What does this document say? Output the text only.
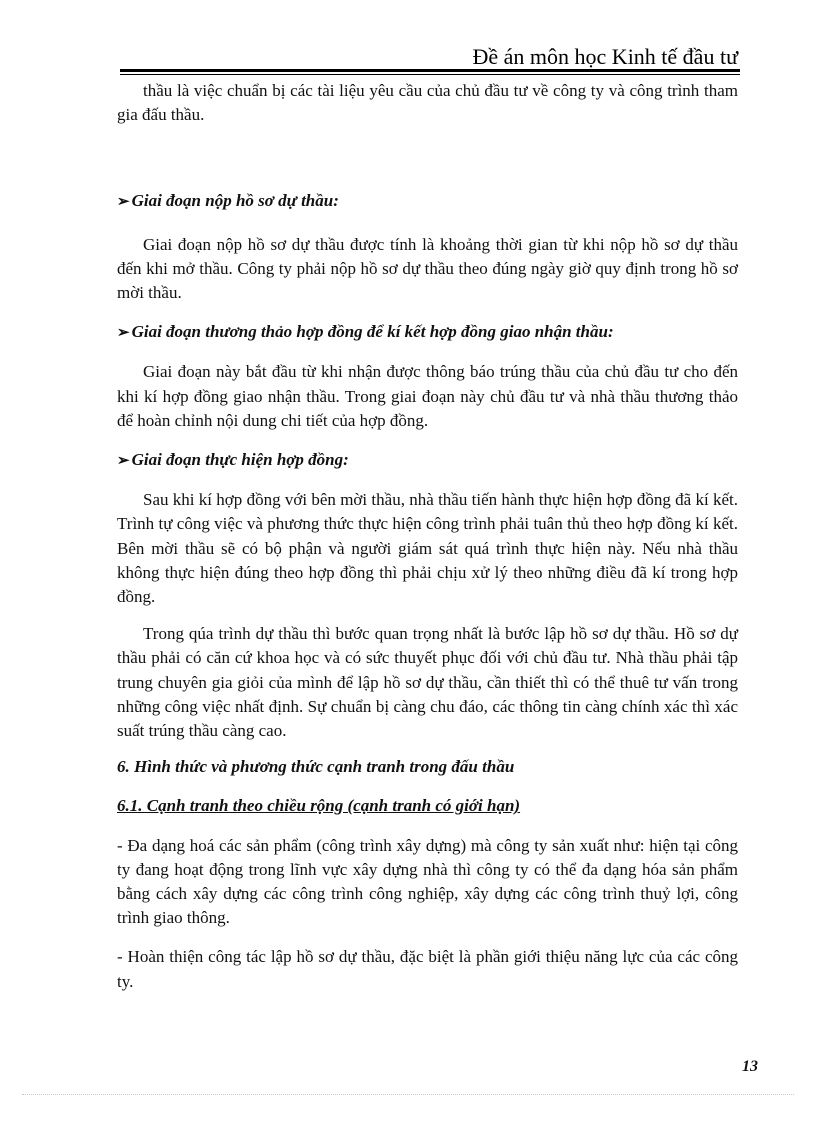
Đề án môn học Kinh tế đầu tư

thầu là việc chuẩn bị các tài liệu yêu cầu của chủ đầu tư về công ty và công trình tham gia đấu thầu.

➢ Giai đoạn nộp hồ sơ dự thầu:

Giai đoạn nộp hồ sơ dự thầu được tính là khoảng thời gian từ khi nộp hồ sơ dự thầu đến khi mở thầu. Công ty phải nộp hồ sơ dự thầu theo đúng ngày giờ quy định trong hồ sơ mời thầu.

➢ Giai đoạn thương thảo hợp đồng để kí kết hợp đồng giao nhận thầu:

Giai đoạn này bắt đầu từ khi nhận được thông báo trúng thầu của chủ đầu tư cho đến khi kí hợp đồng giao nhận thầu. Trong giai đoạn này chủ đầu tư và nhà thầu thương thảo để hoàn chỉnh nội dung chi tiết của hợp đồng.

➢ Giai đoạn thực hiện hợp đồng:

Sau khi kí hợp đồng với bên mời thầu, nhà thầu tiến hành thực hiện hợp đồng đã kí kết. Trình tự công việc và phương thức thực hiện công trình phải tuân thủ theo hợp đồng kí kết. Bên mời thầu sẽ có bộ phận và người giám sát quá trình thực hiện này. Nếu nhà thầu không thực hiện đúng theo hợp đồng thì phải chịu xử lý theo những điều đã kí trong hợp đồng.

Trong qúa trình dự thầu thì bước quan trọng nhất là bước lập hồ sơ dự thầu. Hồ sơ dự thầu phải có căn cứ khoa học và có sức thuyết phục đối với chủ đầu tư. Nhà thầu phải tập trung chuyên gia giỏi của mình để lập hồ sơ dự thầu, cần thiết thì có thể thuê tư vấn trong những công việc nhất định. Sự chuẩn bị càng chu đáo, các thông tin càng chính xác thì xác suất trúng thầu càng cao.

6. Hình thức và phương thức cạnh tranh trong đấu thầu

6.1. Cạnh tranh theo chiều rộng (cạnh tranh có giới hạn)

- Đa dạng hoá các sản phẩm (công trình xây dựng) mà công ty sản xuất như: hiện tại công ty đang hoạt động trong lĩnh vực xây dựng nhà thì công ty có thể đa dạng hóa sản phẩm bằng cách xây dựng các công trình công nghiệp, xây dựng các công trình thuỷ lợi, công trình giao thông.

- Hoàn thiện công tác lập hồ sơ dự thầu, đặc biệt là phần giới thiệu năng lực của các công ty.

13
